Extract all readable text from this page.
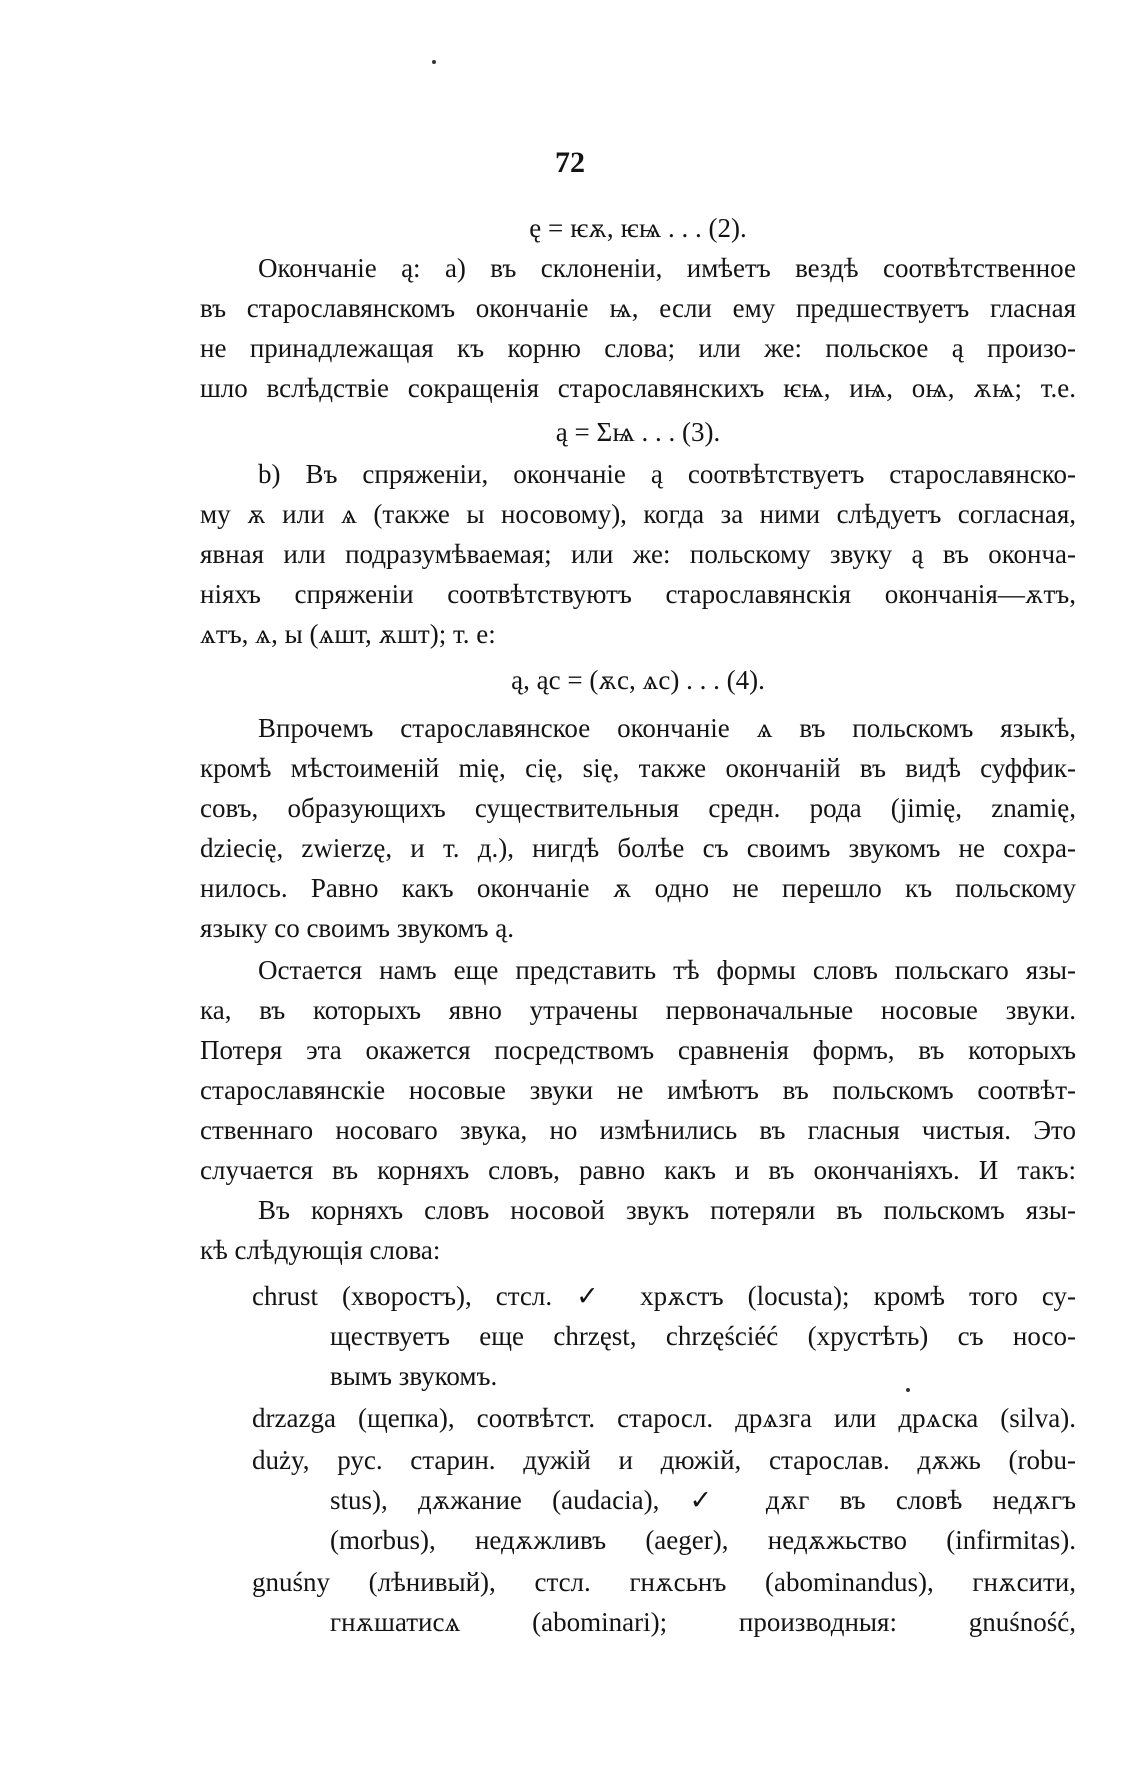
72
ę = ѥѫ, ѥѩ . . . (2).
Окончаніе ą: а) въ склоненіи, имѣетъ вездѣ соотвѣтственное
въ старославянскомъ окончаніе ѩ, если ему предшествуетъ гласная
не принадлежащая къ корню слова; или же: польское ą произо-
шло вслѣдствіе сокращенія старославянскихъ ѥѩ, иѩ, оѩ, ѫѩ; т.е.
ą = Σѩ . . . (3).
b) Въ спряженіи, окончаніе ą соотвѣтствуетъ старославянско-
му ѫ или ѧ (также ы носовому), когда за ними слѣдуетъ согласная,
явная или подразумѣваемая; или же: польскому звуку ą въ оконча-
ніяхъ спряженіи соотвѣтствуютъ старославянскія окончанія—ѫтъ,
ѧтъ, ѧ, ы (ѧшт, ѫшт); т. е:
ą, ąc = (ѫс, ѧс) . . . (4).
Впрочемъ старославянское окончаніе ѧ въ польскомъ языкѣ,
кромѣ мѣстоименій mię, cię, się, также окончаній въ видѣ суффик-
совъ, образующихъ существительныя средн. рода (jimię, znamię,
dziecię, zwierzę, и т. д.), нигдѣ болѣе съ своимъ звукомъ не сохра-
нилось. Равно какъ окончаніе ѫ одно не перешло къ польскому
языку со своимъ звукомъ ą.
Остается намъ еще представить тѣ формы словъ польскаго язы-
ка, въ которыхъ явно утрачены первоначальные носовые звуки.
Потеря эта окажется посредствомъ сравненія формъ, въ которыхъ
старославянскіе носовые звуки не имѣютъ въ польскомъ соотвѣт-
ственнаго носоваго звука, но измѣнились въ гласныя чистыя. Это
случается въ корняхъ словъ, равно какъ и въ окончаніяхъ. И такъ:
Въ корняхъ словъ носовой звукъ потеряли въ польскомъ язы-
кѣ слѣдующія слова:
chrust (хворостъ), стсл. ✓ хрѫстъ (locusta); кромѣ того су-
ществуетъ еще chrzęst, chrzęściéć (хрустѣть) съ носо-
вымъ звукомъ.
drzazga (щепка), соотвѣтст. старосл. дрѧзга или дрѧска (silva).
duży, рус. старин. дужій и дюжій, старослав. дѫжь (robu-
stus), дѫжание (audacia), ✓ дѫг въ словѣ недѫгъ
(morbus), недѫжливъ (aeger), недѫжьство (infirmitas).
gnuśny (лѣнивый), стсл. гнѫсьнъ (abominandus), гнѫсити,
гнѫшатисѧ (abominari); производныя: gnuśność,
